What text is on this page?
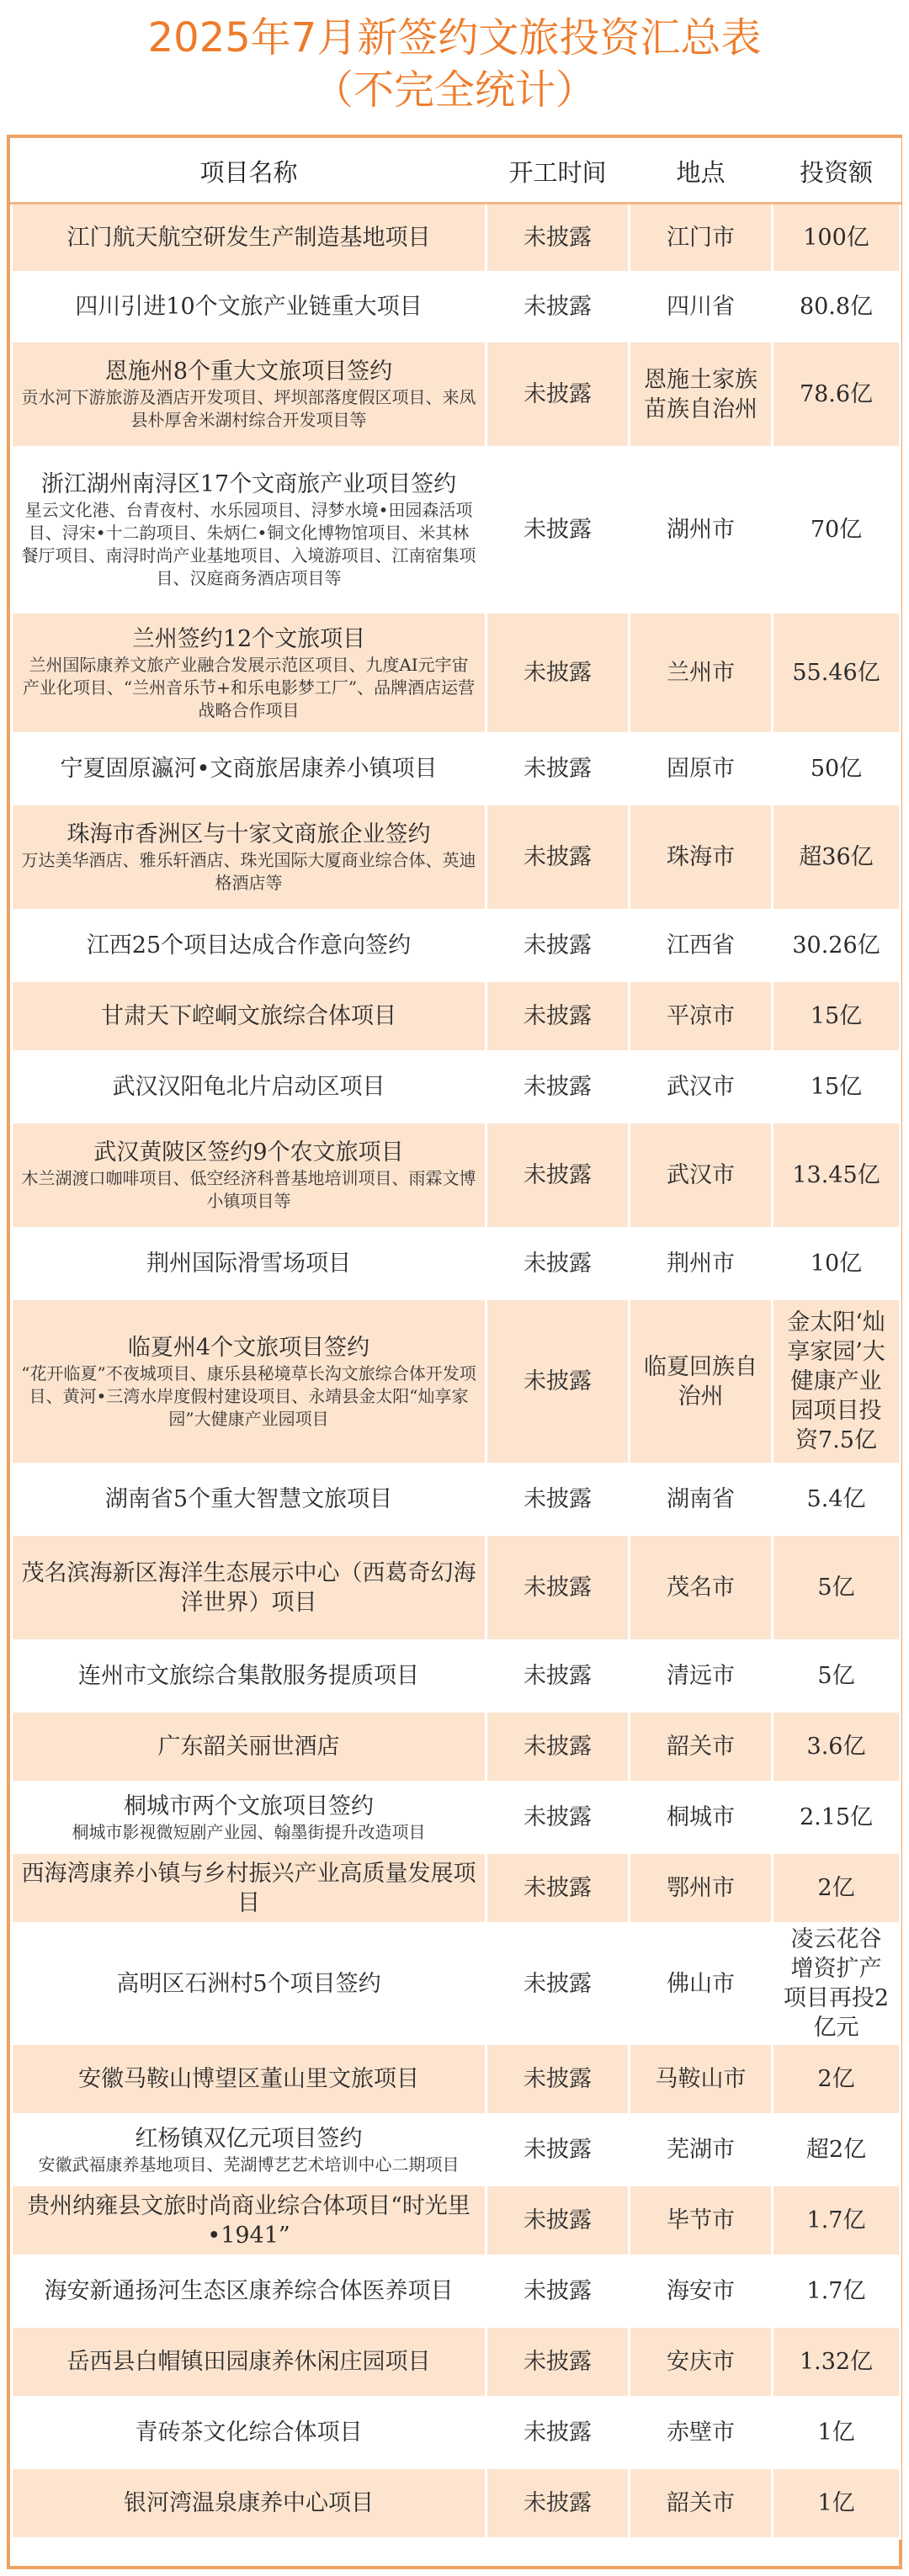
2025年7月新签约文旅投资汇总表
（不完全统计）
项目名称	开工时间	地点	投资额

江门航天航空研发生产制造基地项目	未披露	江门市	100亿

四川引进10个文旅产业链重大项目	未披露	四川省	80.8亿

恩施州8个重大文旅项目签约
贡水河下游旅游及酒店开发项目、坪坝部落度假区项目、来凤县朴厚舍米湖村综合开发项目等	未披露	恩施土家族苗族自治州	78.6亿

浙江湖州南浔区17个文商旅产业项目签约
星云文化港、台青夜村、水乐园项目、浔梦水境•田园森活项目、浔宋•十二韵项目、朱炳仁•铜文化博物馆项目、米其林餐厅项目、南浔时尚产业基地项目、入境游项目、江南宿集项目、汉庭商务酒店项目等	未披露	湖州市	70亿

兰州签约12个文旅项目
兰州国际康养文旅产业融合发展示范区项目、九度AI元宇宙产业化项目、“兰州音乐节+和乐电影梦工厂”、品牌酒店运营战略合作项目	未披露	兰州市	55.46亿

宁夏固原瀛河•文商旅居康养小镇项目	未披露	固原市	50亿

珠海市香洲区与十家文商旅企业签约
万达美华酒店、雅乐轩酒店、珠光国际大厦商业综合体、英迪格酒店等	未披露	珠海市	超36亿

江西25个项目达成合作意向签约	未披露	江西省	30.26亿

甘肃天下崆峒文旅综合体项目	未披露	平凉市	15亿

武汉汉阳龟北片启动区项目	未披露	武汉市	15亿

武汉黄陂区签约9个农文旅项目
木兰湖渡口咖啡项目、低空经济科普基地培训项目、雨霖文博小镇项目等	未披露	武汉市	13.45亿

荆州国际滑雪场项目	未披露	荆州市	10亿

临夏州4个文旅项目签约
“花开临夏”不夜城项目、康乐县秘境草长沟文旅综合体开发项目、黄河•三湾水岸度假村建设项目、永靖县金太阳“灿享家园”大健康产业园项目	未披露	临夏回族自治州	金太阳‘灿享家园’大健康产业园项目投资7.5亿

湖南省5个重大智慧文旅项目	未披露	湖南省	5.4亿

茂名滨海新区海洋生态展示中心（西葛奇幻海洋世界）项目	未披露	茂名市	5亿

连州市文旅综合集散服务提质项目	未披露	清远市	5亿

广东韶关丽世酒店	未披露	韶关市	3.6亿

桐城市两个文旅项目签约
桐城市影视微短剧产业园、翰墨街提升改造项目	未披露	桐城市	2.15亿

西海湾康养小镇与乡村振兴产业高质量发展项目	未披露	鄂州市	2亿

高明区石洲村5个项目签约	未披露	佛山市	凌云花谷增资扩产项目再投2亿元

安徽马鞍山博望区董山里文旅项目	未披露	马鞍山市	2亿

红杨镇双亿元项目签约
安徽武福康养基地项目、芜湖博艺艺术培训中心二期项目	未披露	芜湖市	超2亿

贵州纳雍县文旅时尚商业综合体项目“时光里•1941”	未披露	毕节市	1.7亿

海安新通扬河生态区康养综合体医养项目	未披露	海安市	1.7亿

岳西县白帽镇田园康养休闲庄园项目	未披露	安庆市	1.32亿

青砖茶文化综合体项目	未披露	赤壁市	1亿

银河湾温泉康养中心项目	未披露	韶关市	1亿
